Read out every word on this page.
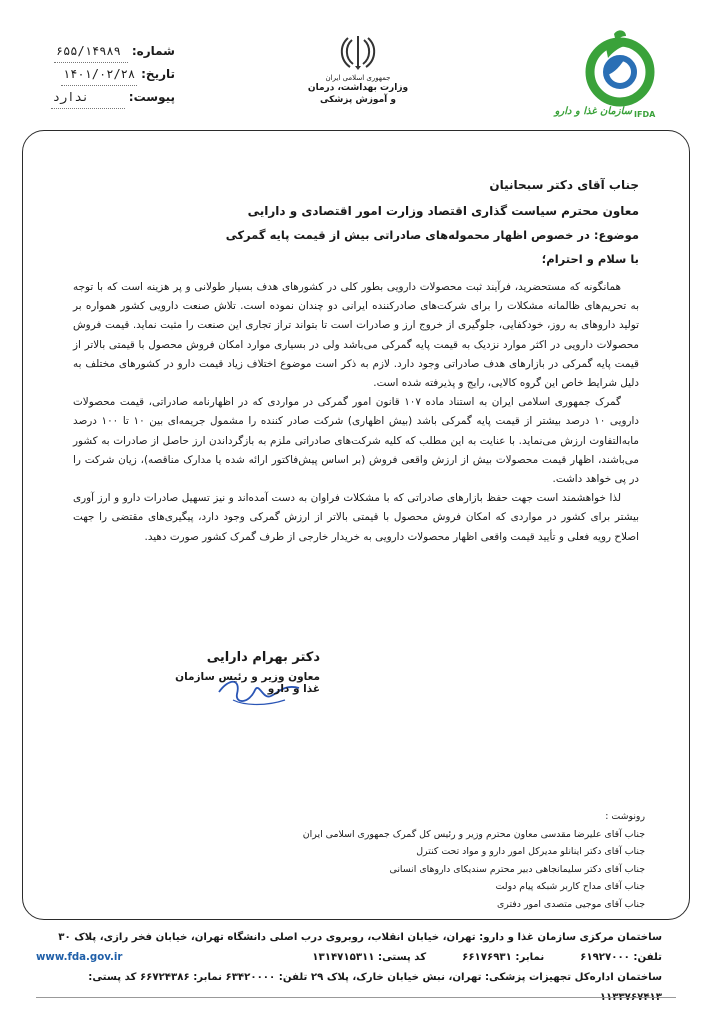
شماره:
۶۵۵/۱۴۹۸۹
تاریخ:
۱۴۰۱/۰۲/۲۸
پیوست:
ندارد
جمهوری اسلامی ایران
وزارت بهداشت، درمان
و آموزش پزشکی
سازمان غذا و دارو IFDA
جناب آقای دکتر سبحانیان
معاون محترم سیاست گذاری اقتصاد وزارت امور اقتصادی و دارایی
موضوع: در خصوص اظهار محموله‌های صادراتی بیش از قیمت پایه گمرکی
با سلام و احترام؛

همانگونه که مستحضرید، فرآیند ثبت محصولات دارویی بطور کلی در کشورهای هدف بسیار طولانی و پر هزینه است که با توجه به تحریم‌های ظالمانه مشکلات را برای شرکت‌های صادرکننده ایرانی دو چندان نموده است. تلاش صنعت دارویی کشور همواره بر تولید داروهای به روز، خودکفایی، جلوگیری از خروج ارز و صادرات است تا بتواند تراز تجاری این صنعت را مثبت نماید. قیمت فروش محصولات دارویی در اکثر موارد نزدیک به قیمت پایه گمرکی می‌باشد ولی در بسیاری موارد امکان فروش محصول با قیمتی بالاتر از قیمت پایه گمرکی در بازارهای هدف صادراتی وجود دارد. لازم به ذکر است موضوع اختلاف زیاد قیمت دارو در کشورهای مختلف به دلیل شرایط خاص این گروه کالایی، رایج و پذیرفته شده است.

گمرک جمهوری اسلامی ایران به استناد ماده ۱۰۷ قانون امور گمرکی در مواردی که در اظهارنامه صادراتی، قیمت محصولات دارویی ۱۰ درصد بیشتر از قیمت پایه گمرکی باشد (بیش اظهاری) شرکت صادر کننده را مشمول جریمه‌ای بین ۱۰ تا ۱۰۰ درصد مابه‌التفاوت ارزش می‌نماید. با عنایت به این مطلب که کلیه شرکت‌های صادراتی ملزم به بازگرداندن ارز حاصل از صادرات به کشور می‌باشند، اظهار قیمت محصولات بیش از ارزش واقعی فروش (بر اساس پیش‌فاکتور ارائه شده یا مدارک مناقصه)، زیان شرکت را در پی خواهد داشت.

لذا خواهشمند است جهت حفظ بازارهای صادراتی که با مشکلات فراوان به دست آمده‌اند و نیز تسهیل صادرات دارو و ارز آوری بیشتر برای کشور در مواردی که امکان فروش محصول با قیمتی بالاتر از ارزش گمرکی وجود دارد، پیگیری‌های مقتضی را جهت اصلاح رویه فعلی و تأیید قیمت واقعی اظهار محصولات دارویی به خریدار خارجی از طرف گمرک کشور صورت دهید.

دکتر بهرام دارایی
معاون وزیر و رئیس سازمان غذا و دارو
رونوشت :
جناب آقای علیرضا مقدسی معاون محترم وزیر و رئیس کل گمرک جمهوری اسلامی ایران
جناب آقای دکتر اینانلو مدیرکل امور دارو و مواد تحت کنترل
جناب آقای دکتر سلیمانجاهی دبیر محترم سندیکای داروهای انسانی
جناب آقای مداح کاربر شبکه پیام دولت
جناب آقای موجیی متصدی امور دفتری
ساختمان مرکزی سازمان غذا و دارو: تهران، خیابان انقلاب، روبروی درب اصلی دانشگاه تهران، خیابان فخر رازی، پلاک ۳۰
تلفن: ۶۱۹۲۷۰۰۰
نمابر: ۶۶۱۷۶۹۳۱
کد پستی: ۱۳۱۴۷۱۵۳۱۱
www.fda.gov.ir
ساختمان اداره‌کل تجهیزات پزشکی: تهران، نبش خیابان خارک، پلاک ۲۹ تلفن: ۶۳۴۲۰۰۰۰ نمابر: ۶۶۷۲۴۳۸۶ کد پستی:
